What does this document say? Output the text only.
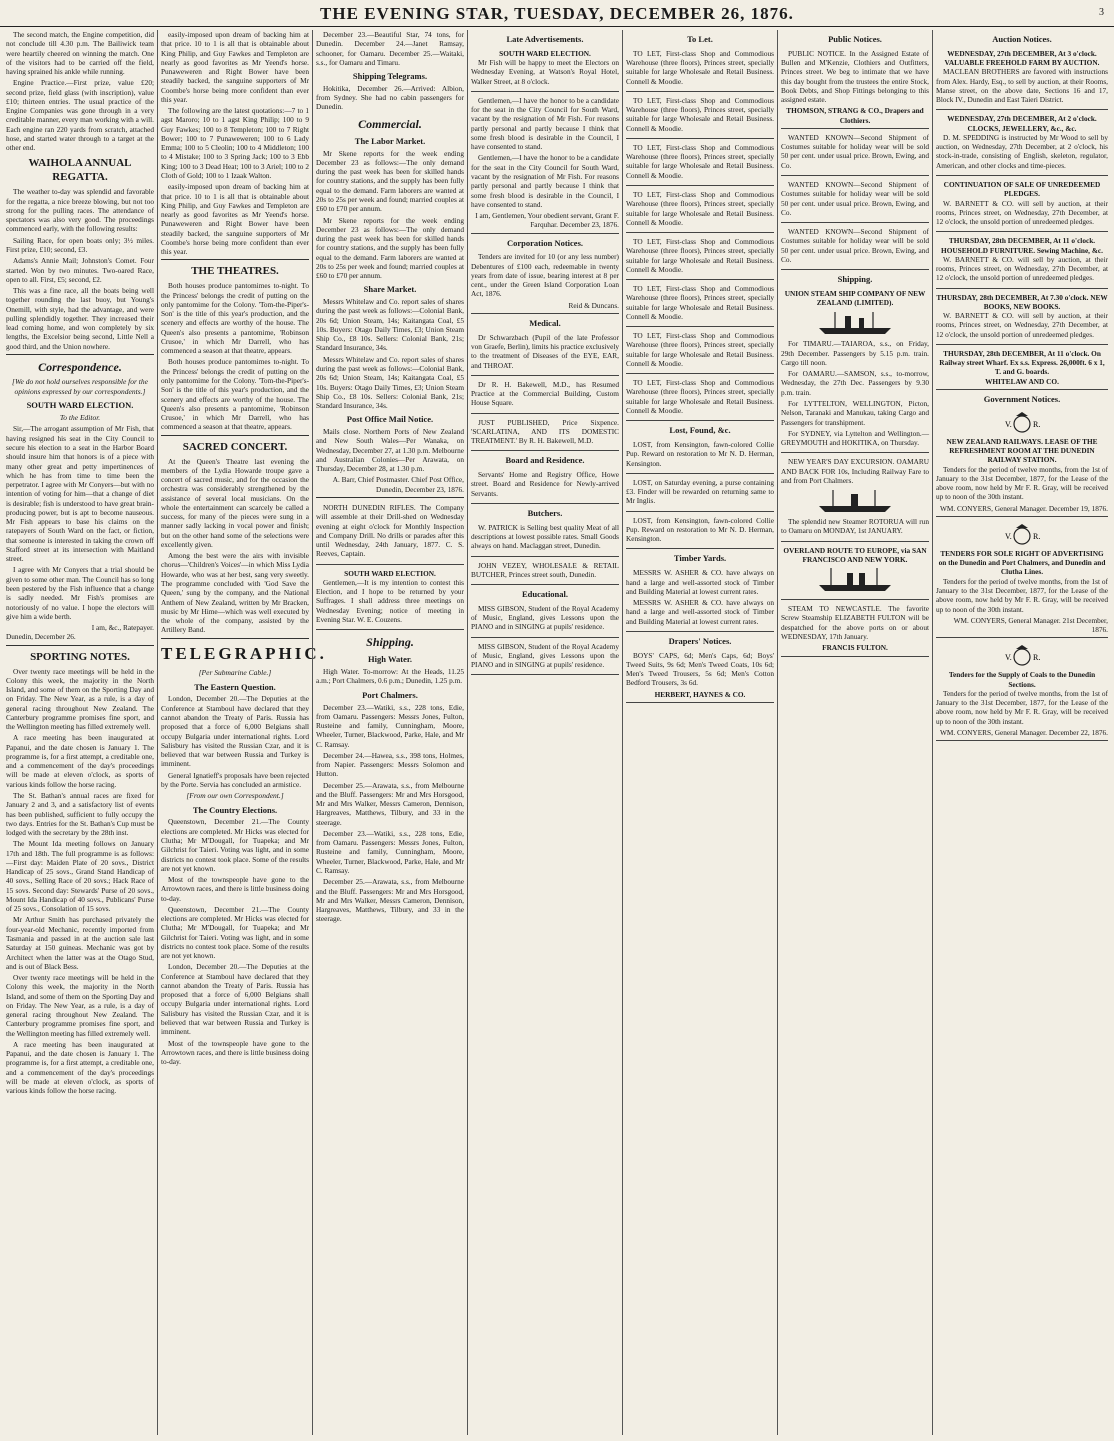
THE EVENING STAR, TUESDAY, DECEMBER 26, 1876.	3

The second match, the Engine competition, did not conclude till 4.30 p.m. The Bailiwick team were heartily cheered on winning the match. One of the visitors had to be carried off the field, having sprained his ankle while running.

Engine Practice.—First prize, value £20; second prize, field glass (with inscription), value £10; thirteen entries. The usual practice of the Engine Companies was gone through in a very creditable manner, every man working with a will. Each engine ran 220 yards from scratch, attached hose, and started water through to a target at the other end.

WAIHOLA ANNUAL REGATTA.

The weather to-day was splendid and favorable for the regatta, a nice breeze blowing, but not too strong for the pulling races. The attendance of spectators was also very good. The proceedings commenced early, with the following results:

Sailing Race, for open boats only; 3½ miles. First prize, £10; second, £3.

Adams's Annie Mail; Johnston's Comet. Four started. Won by two minutes. Two-oared Race, open to all. First, £5; second, £2.

This was a fine race, all the boats being well together rounding the last buoy, but Young's Onemill, with style, had the advantage, and were pulling splendidly together. They increased their lead coming home, and won completely by six lengths, the Excelsior being second, Little Nell a good third, and the Union nowhere.

Correspondence.
[We do not hold ourselves responsible for the opinions expressed by our correspondents.]
SOUTH WARD ELECTION.
To the Editor.

Sir,—The arrogant assumption of Mr Fish, that having resigned his seat in the City Council to secure his election to a seat in the Harbor Board should insure him that honors is of a piece with many other great and petty impertinences of which he has from time to time been the perpetrator. I agree with Mr Conyers—but with no intention of voting for him—that a change of diet is desirable; fish is understood to have great brain-producing power, but is apt to become nauseous. Mr Fish appears to base his claims on the ratepayers of South Ward on the fact, or fiction, that someone is interested in taking the crown off Stafford street at its intersection with Maitland street.

I agree with Mr Conyers that a trial should be given to some other man. The Council has so long been pestered by the Fish influence that a change is sadly needed. Mr Fish's promises are notoriously of no value. I hope the electors will give him a wide berth.

I am, &c., Ratepayer.
Dunedin, December 26.
SPORTING NOTES.

Over twenty race meetings will be held in the Colony this week, the majority in the North Island, and some of them on the Sporting Day and on Friday. The New Year, as a rule, is a day of general racing throughout New Zealand. The Canterbury programme promises fine sport, and the Wellington meeting has filled extremely well.

A race meeting has been inaugurated at Papanui, and the date chosen is January 1. The programme is, for a first attempt, a creditable one, and a commencement of the day's proceedings will be made at eleven o'clock, as sports of various kinds follow the horse racing.

The St. Bathan's annual races are fixed for January 2 and 3, and a satisfactory list of events has been published, sufficient to fully occupy the two days. Entries for the St. Bathan's Cup must be lodged with the secretary by the 28th inst.

The Mount Ida meeting follows on January 17th and 18th. The full programme is as follows:—First day: Maiden Plate of 20 sovs., District Handicap of 25 sovs., Grand Stand Handicap of 40 sovs., Selling Race of 20 sovs.; Hack Race of 15 sovs. Second day: Stewards' Purse of 20 sovs., Mount Ida Handicap of 40 sovs., Publicans' Purse of 25 sovs., Consolation of 15 sovs.

Mr Arthur Smith has purchased privately the four-year-old Mechanic, recently imported from Tasmania and passed in at the auction sale last Saturday at 150 guineas. Mechanic was got by Architect when the latter was at the Otago Stud, and is out of Black Bess.

Over twenty race meetings will be held in the Colony this week, the majority in the North Island, and some of them on the Sporting Day and on Friday. The New Year, as a rule, is a day of general racing throughout New Zealand. The Canterbury programme promises fine sport, and the Wellington meeting has filled extremely well.

A race meeting has been inaugurated at Papanui, and the date chosen is January 1. The programme is, for a first attempt, a creditable one, and a commencement of the day's proceedings will be made at eleven o'clock, as sports of various kinds follow the horse racing.

easily-imposed upon dream of backing him at that price. 10 to 1 is all that is obtainable about King Philip, and Guy Fawkes and Templeton are nearly as good favorites as Mr Yeend's horse. Punaweweren and Right Bower have been steadily backed, the sanguine supporters of Mr Coombe's horse being more confident than ever this year.

The following are the latest quotations:—7 to 1 agst Maroro; 10 to 1 agst King Philip; 100 to 9 Guy Fawkes; 100 to 8 Templeton; 100 to 7 Right Bower; 100 to 7 Punaweweren; 100 to 6 Lady Emma; 100 to 5 Cleolin; 100 to 4 Middleton; 100 to 4 Mistake; 100 to 3 Spring Jack; 100 to 3 Ebb King; 100 to 3 Dead Heat; 100 to 3 Ariel; 100 to 2 Cloth of Gold; 100 to 1 Izaak Walton.

easily-imposed upon dream of backing him at that price. 10 to 1 is all that is obtainable about King Philip, and Guy Fawkes and Templeton are nearly as good favorites as Mr Yeend's horse. Punaweweren and Right Bower have been steadily backed, the sanguine supporters of Mr Coombe's horse being more confident than ever this year.

THE THEATRES.

Both houses produce pantomimes to-night. To the Princess' belongs the credit of putting on the only pantomime for the Colony. 'Tom-the-Piper's-Son' is the title of this year's production, and the scenery and effects are worthy of the house. The Queen's also presents a pantomime, 'Robinson Crusoe,' in which Mr Darrell, who has commenced a season at that theatre, appears.

Both houses produce pantomimes to-night. To the Princess' belongs the credit of putting on the only pantomime for the Colony. 'Tom-the-Piper's-Son' is the title of this year's production, and the scenery and effects are worthy of the house. The Queen's also presents a pantomime, 'Robinson Crusoe,' in which Mr Darrell, who has commenced a season at that theatre, appears.

SACRED CONCERT.

At the Queen's Theatre last evening the members of the Lydia Howarde troupe gave a concert of sacred music, and for the occasion the orchestra was considerably strengthened by the assistance of several local musicians. On the whole the entertainment can scarcely be called a success, for many of the pieces were sung in a manner sadly lacking in vocal power and finish; but on the other hand some of the selections were excellently given.

Among the best were the airs with invisible chorus—'Children's Voices'—in which Miss Lydia Howarde, who was at her best, sang very sweetly. The programme concluded with 'God Save the Queen,' sung by the company, and the National Anthem of New Zealand, written by Mr Bracken, music by Mr Hime—which was well executed by the whole of the company, assisted by the Artillery Band.

TELEGRAPHIC.
[Per Submarine Cable.]
The Eastern Question.

London, December 20.—The Deputies at the Conference at Stamboul have declared that they cannot abandon the Treaty of Paris. Russia has proposed that a force of 6,000 Belgians shall occupy Bulgaria under international rights. Lord Salisbury has visited the Russian Czar, and it is believed that war between Russia and Turkey is imminent.

General Ignatieff's proposals have been rejected by the Porte. Servia has concluded an armistice.

[From our own Correspondent.]
The Country Elections.

Queenstown, December 21.—The County elections are completed. Mr Hicks was elected for Clutha; Mr M'Dougall, for Tuapeka; and Mr Gilchrist for Taieri. Voting was light, and in some districts no contest took place. Some of the results are not yet known.

Most of the townspeople have gone to the Arrowtown races, and there is little business doing to-day.

Queenstown, December 21.—The County elections are completed. Mr Hicks was elected for Clutha; Mr M'Dougall, for Tuapeka; and Mr Gilchrist for Taieri. Voting was light, and in some districts no contest took place. Some of the results are not yet known.

London, December 20.—The Deputies at the Conference at Stamboul have declared that they cannot abandon the Treaty of Paris. Russia has proposed that a force of 6,000 Belgians shall occupy Bulgaria under international rights. Lord Salisbury has visited the Russian Czar, and it is believed that war between Russia and Turkey is imminent.

Most of the townspeople have gone to the Arrowtown races, and there is little business doing to-day.

December 23.—Beautiful Star, 74 tons, for Dunedin. December 24.—Janet Ramsay, schooner, for Oamaru. December 25.—Waitaki, s.s., for Oamaru and Timaru.

Shipping Telegrams.

Hokitika, December 26.—Arrived: Albion, from Sydney. She had no cabin passengers for Dunedin.

Commercial.
The Labor Market.

Mr Skene reports for the week ending December 23 as follows:—The only demand during the past week has been for skilled hands for country stations, and the supply has been fully equal to the demand. Farm laborers are wanted at 20s to 25s per week and found; married couples at £60 to £70 per annum.

Mr Skene reports for the week ending December 23 as follows:—The only demand during the past week has been for skilled hands for country stations, and the supply has been fully equal to the demand. Farm laborers are wanted at 20s to 25s per week and found; married couples at £60 to £70 per annum.

Share Market.

Messrs Whitelaw and Co. report sales of shares during the past week as follows:—Colonial Bank, 20s 6d; Union Steam, 14s; Kaitangata Coal, £5 10s. Buyers: Otago Daily Times, £3; Union Steam Ship Co., £8 10s. Sellers: Colonial Bank, 21s; Standard Insurance, 34s.

Messrs Whitelaw and Co. report sales of shares during the past week as follows:—Colonial Bank, 20s 6d; Union Steam, 14s; Kaitangata Coal, £5 10s. Buyers: Otago Daily Times, £3; Union Steam Ship Co., £8 10s. Sellers: Colonial Bank, 21s; Standard Insurance, 34s.

Post Office Mail Notice.

Mails close. Northern Ports of New Zealand and New South Wales—Per Wanaka, on Wednesday, December 27, at 1.30 p.m. Melbourne and Australian Colonies—Per Arawata, on Thursday, December 28, at 1.30 p.m.

A. Barr, Chief Postmaster. Chief Post Office, Dunedin, December 23, 1876.

NORTH DUNEDIN RIFLES. The Company will assemble at their Drill-shed on Wednesday evening at eight o'clock for Monthly Inspection and Company Drill. No drills or parades after this until Wednesday, 24th January, 1877. C. S. Reeves, Captain.

SOUTH WARD ELECTION.

Gentlemen,—It is my intention to contest this Election, and I hope to be returned by your Suffrages. I shall address three meetings on Wednesday Evening; notice of meeting in Evening Star. W. E. Couzens.

Shipping.
High Water.

High Water. To-morrow: At the Heads, 11.25 a.m.; Port Chalmers, 0.6 p.m.; Dunedin, 1.25 p.m.

Port Chalmers.

December 23.—Watiki, s.s., 228 tons, Edie, from Oamaru. Passengers: Messrs Jones, Fulton, Rusteine and family, Cunningham, Moore, Wheeler, Turner, Blackwood, Parke, Hale, and Mr C. Ramsay.

December 24.—Hawea, s.s., 398 tons, Holmes, from Napier. Passengers: Messrs Solomon and Hutton.

December 25.—Arawata, s.s., from Melbourne and the Bluff. Passengers: Mr and Mrs Horsgood, Mr and Mrs Walker, Messrs Cameron, Dennison, Hargreaves, Matthews, Tilbury, and 33 in the steerage.

December 23.—Watiki, s.s., 228 tons, Edie, from Oamaru. Passengers: Messrs Jones, Fulton, Rusteine and family, Cunningham, Moore, Wheeler, Turner, Blackwood, Parke, Hale, and Mr C. Ramsay.

December 25.—Arawata, s.s., from Melbourne and the Bluff. Passengers: Mr and Mrs Horsgood, Mr and Mrs Walker, Messrs Cameron, Dennison, Hargreaves, Matthews, Tilbury, and 33 in the steerage.

Late Advertisements.
SOUTH WARD ELECTION.

Mr Fish will be happy to meet the Electors on Wednesday Evening, at Watson's Royal Hotel, Walker Street, at 8 o'clock.

Gentlemen,—I have the honor to be a candidate for the seat in the City Council for South Ward, vacant by the resignation of Mr Fish. For reasons partly personal and partly because I think that some fresh blood is desirable in the Council, I have consented to stand.

Gentlemen,—I have the honor to be a candidate for the seat in the City Council for South Ward, vacant by the resignation of Mr Fish. For reasons partly personal and partly because I think that some fresh blood is desirable in the Council, I have consented to stand.

I am, Gentlemen, Your obedient servant, Grant F. Farquhar. December 23, 1876.
Corporation Notices.

Tenders are invited for 10 (or any less number) Debentures of £100 each, redeemable in twenty years from date of issue, bearing interest at 8 per cent., under the Green Island Corporation Loan Act, 1876.

Reid & Duncans.
Medical.

Dr Schwarzbach (Pupil of the late Professor von Graefe, Berlin), limits his practice exclusively to the treatment of Diseases of the EYE, EAR, and THROAT.

Dr R. H. Bakewell, M.D., has Resumed Practice at the Commercial Building, Custom House Square.

JUST PUBLISHED, Price Sixpence. 'SCARLATINA, AND ITS DOMESTIC TREATMENT.' By R. H. Bakewell, M.D.

Board and Residence.

Servants' Home and Registry Office, Howe street. Board and Residence for Newly-arrived Servants.

Butchers.

W. PATRICK is Selling best quality Meat of all descriptions at lowest possible rates. Small Goods always on hand. Maclaggan street, Dunedin.

JOHN VEZEY, WHOLESALE & RETAIL BUTCHER, Princes street south, Dunedin.

Educational.

MISS GIBSON, Student of the Royal Academy of Music, England, gives Lessons upon the PIANO and in SINGING at pupils' residence.

MISS GIBSON, Student of the Royal Academy of Music, England, gives Lessons upon the PIANO and in SINGING at pupils' residence.

To Let.

TO LET, First-class Shop and Commodious Warehouse (three floors), Princes street, specially suitable for large Wholesale and Retail Business. Connell & Moodie.

TO LET, First-class Shop and Commodious Warehouse (three floors), Princes street, specially suitable for large Wholesale and Retail Business. Connell & Moodie.

TO LET, First-class Shop and Commodious Warehouse (three floors), Princes street, specially suitable for large Wholesale and Retail Business. Connell & Moodie.

TO LET, First-class Shop and Commodious Warehouse (three floors), Princes street, specially suitable for large Wholesale and Retail Business. Connell & Moodie.

TO LET, First-class Shop and Commodious Warehouse (three floors), Princes street, specially suitable for large Wholesale and Retail Business. Connell & Moodie.

TO LET, First-class Shop and Commodious Warehouse (three floors), Princes street, specially suitable for large Wholesale and Retail Business. Connell & Moodie.

TO LET, First-class Shop and Commodious Warehouse (three floors), Princes street, specially suitable for large Wholesale and Retail Business. Connell & Moodie.

TO LET, First-class Shop and Commodious Warehouse (three floors), Princes street, specially suitable for large Wholesale and Retail Business. Connell & Moodie.

Lost, Found, &c.

LOST, from Kensington, fawn-colored Collie Pup. Reward on restoration to Mr N. D. Herman, Kensington.

LOST, on Saturday evening, a purse containing £3. Finder will be rewarded on returning same to Mr Inglis.

LOST, from Kensington, fawn-colored Collie Pup. Reward on restoration to Mr N. D. Herman, Kensington.

Timber Yards.

MESSRS W. ASHER & CO. have always on hand a large and well-assorted stock of Timber and Building Material at lowest current rates.

MESSRS W. ASHER & CO. have always on hand a large and well-assorted stock of Timber and Building Material at lowest current rates.

Drapers' Notices.

BOYS' CAPS, 6d; Men's Caps, 6d; Boys' Tweed Suits, 9s 6d; Men's Tweed Coats, 10s 6d; Men's Tweed Trousers, 5s 6d; Men's Cotton Bedford Trousers, 3s 6d.

HERBERT, HAYNES & CO.
Public Notices.

PUBLIC NOTICE. In the Assigned Estate of Bullen and M'Kenzie, Clothiers and Outfitters, Princes street. We beg to intimate that we have this day bought from the trustees the entire Stock, Book Debts, and Shop Fittings belonging to this assigned estate.

THOMSON, STRANG & CO., Drapers and Clothiers.

WANTED KNOWN—Second Shipment of Costumes suitable for holiday wear will be sold 50 per cent. under usual price. Brown, Ewing, and Co.

WANTED KNOWN—Second Shipment of Costumes suitable for holiday wear will be sold 50 per cent. under usual price. Brown, Ewing, and Co.

WANTED KNOWN—Second Shipment of Costumes suitable for holiday wear will be sold 50 per cent. under usual price. Brown, Ewing, and Co.

Shipping.
UNION STEAM SHIP COMPANY OF NEW ZEALAND (LIMITED).

For TIMARU.—TAIAROA, s.s., on Friday, 29th December. Passengers by 5.15 p.m. train. Cargo till noon.

For OAMARU.—SAMSON, s.s., to-morrow, Wednesday, the 27th Dec. Passengers by 9.30 p.m. train.

For LYTTELTON, WELLINGTON, Picton, Nelson, Taranaki and Manukau, taking Cargo and Passengers for transhipment.

For SYDNEY, via Lyttelton and Wellington.—GREYMOUTH and HOKITIKA, on Thursday.

NEW YEAR'S DAY EXCURSION. OAMARU AND BACK FOR 10s, Including Railway Fare to and from Port Chalmers.

The splendid new Steamer ROTORUA will run to Oamaru on MONDAY, 1st JANUARY.

OVERLAND ROUTE TO EUROPE, via SAN FRANCISCO AND NEW YORK.

STEAM TO NEWCASTLE. The favorite Screw Steamship ELIZABETH FULTON will be despatched for the above ports on or about WEDNESDAY, 17th January.

FRANCIS FULTON.
Auction Notices.
WEDNESDAY, 27th DECEMBER, At 3 o'clock. VALUABLE FREEHOLD FARM BY AUCTION.

MACLEAN BROTHERS are favored with instructions from Alex. Hardy, Esq., to sell by auction, at their Rooms, Manse street, on the above date, Sections 16 and 17, Block IV., Dunedin and East Taieri District.

WEDNESDAY, 27th DECEMBER, At 2 o'clock. CLOCKS, JEWELLERY, &c., &c.

D. M. SPEDDING is instructed by Mr Wood to sell by auction, on Wednesday, 27th December, at 2 o'clock, his stock-in-trade, consisting of English, skeleton, regulator, American, and other clocks and time-pieces.

CONTINUATION OF SALE OF UNREDEEMED PLEDGES.

W. BARNETT & CO. will sell by auction, at their rooms, Princes street, on Wednesday, 27th December, at 12 o'clock, the unsold portion of unredeemed pledges.

THURSDAY, 28th DECEMBER, At 11 o'clock. HOUSEHOLD FURNITURE. Sewing Machine, &c.

W. BARNETT & CO. will sell by auction, at their rooms, Princes street, on Wednesday, 27th December, at 12 o'clock, the unsold portion of unredeemed pledges.

THURSDAY, 28th DECEMBER, At 7.30 o'clock. NEW BOOKS, NEW BOOKS.

W. BARNETT & CO. will sell by auction, at their rooms, Princes street, on Wednesday, 27th December, at 12 o'clock, the unsold portion of unredeemed pledges.

THURSDAY, 28th DECEMBER, At 11 o'clock. On Railway street Wharf. Ex s.s. Express. 26,000ft. 6 x 1, T. and G. boards.
WHITELAW AND CO.
Government Notices.
V.	R.
NEW ZEALAND RAILWAYS. LEASE OF THE REFRESHMENT ROOM AT THE DUNEDIN RAILWAY STATION.

Tenders for the period of twelve months, from the 1st of January to the 31st December, 1877, for the Lease of the above room, now held by Mr F. R. Gray, will be received up to noon of the 30th instant.

WM. CONYERS, General Manager. December 19, 1876.
V.	R.
TENDERS FOR SOLE RIGHT OF ADVERTISING on the Dunedin and Port Chalmers, and Dunedin and Clutha Lines.

Tenders for the period of twelve months, from the 1st of January to the 31st December, 1877, for the Lease of the above room, now held by Mr F. R. Gray, will be received up to noon of the 30th instant.

WM. CONYERS, General Manager. 21st December, 1876.
V.	R.
Tenders for the Supply of Coals to the Dunedin Sections.

Tenders for the period of twelve months, from the 1st of January to the 31st December, 1877, for the Lease of the above room, now held by Mr F. R. Gray, will be received up to noon of the 30th instant.

WM. CONYERS, General Manager. December 22, 1876.
